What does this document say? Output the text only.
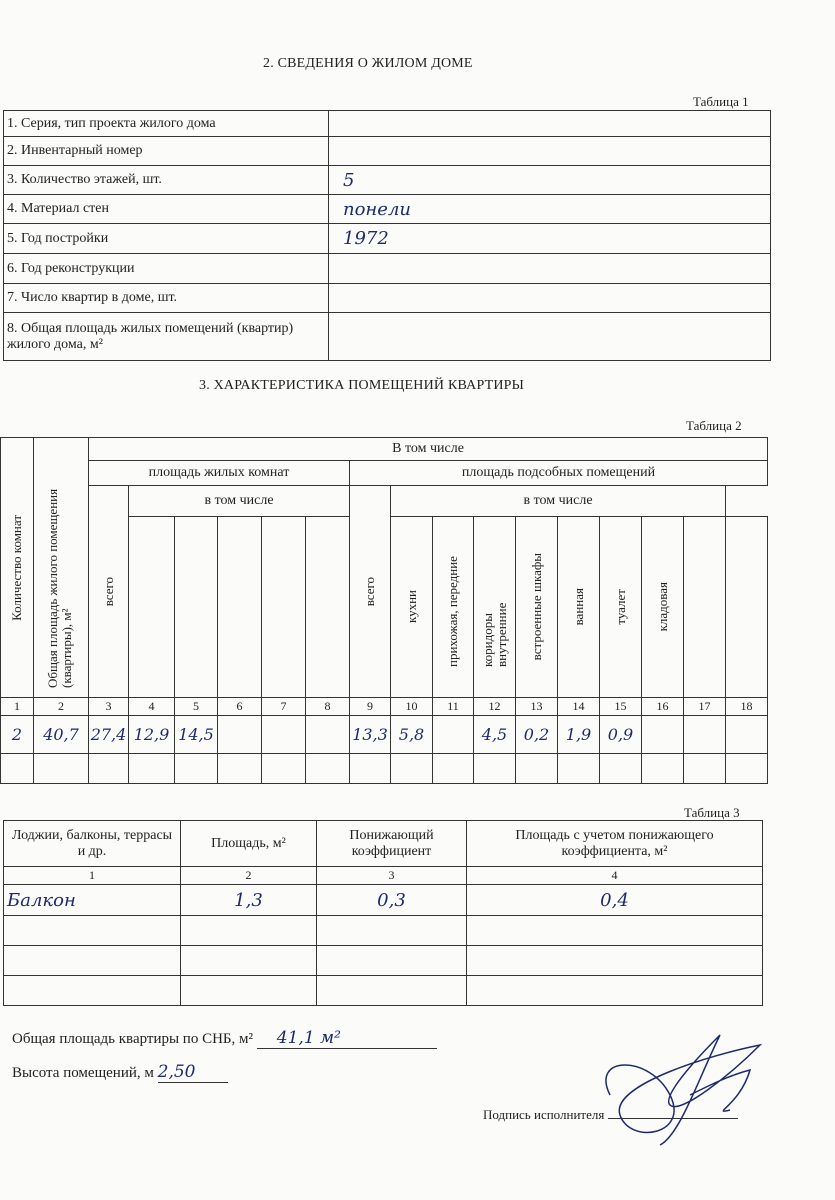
2. СВЕДЕНИЯ О ЖИЛОМ ДОМЕ
Таблица 1
1. Серия, тип проекта жилого дома	
2. Инвентарный номер	
3. Количество этажей, шт.	5
4. Материал стен	понели
5. Год постройки	1972
6. Год реконструкции	
7. Число квартир в доме, шт.	
8. Общая площадь жилых помещений (квартир) жилого дома, м²	
3. ХАРАКТЕРИСТИКА ПОМЕЩЕНИЙ КВАРТИРЫ
Таблица 2
Количество комнат	Общая площадь жилого помещения (квартиры), м²	В том числе															
		площадь жилых комнат						площадь подсобных помещений									

		всего	в том числе					всего	в том числе								

									кухни	прихожая, передние	коридоры внутренние	встроенные шкафы	ванная	туалет	кладовая		

1	2	3	4	5	6	7	8	9	10	11	12	13	14	15	16	17	18
2	40,7	27,4	12,9	14,5				13,3	5,8		4,5	0,2	1,9	0,9			

Таблица 3
Лоджии, балконы, террасы и др.	Площадь, м²	Понижающий коэффициент	Площадь с учетом понижающего коэффициента, м²
1	2	3	4
Балкон	1,3	0,3	0,4

Общая площадь квартиры по СНБ, м² 41,1 м²
Высота помещений, м 2,50
Подпись исполнителя
